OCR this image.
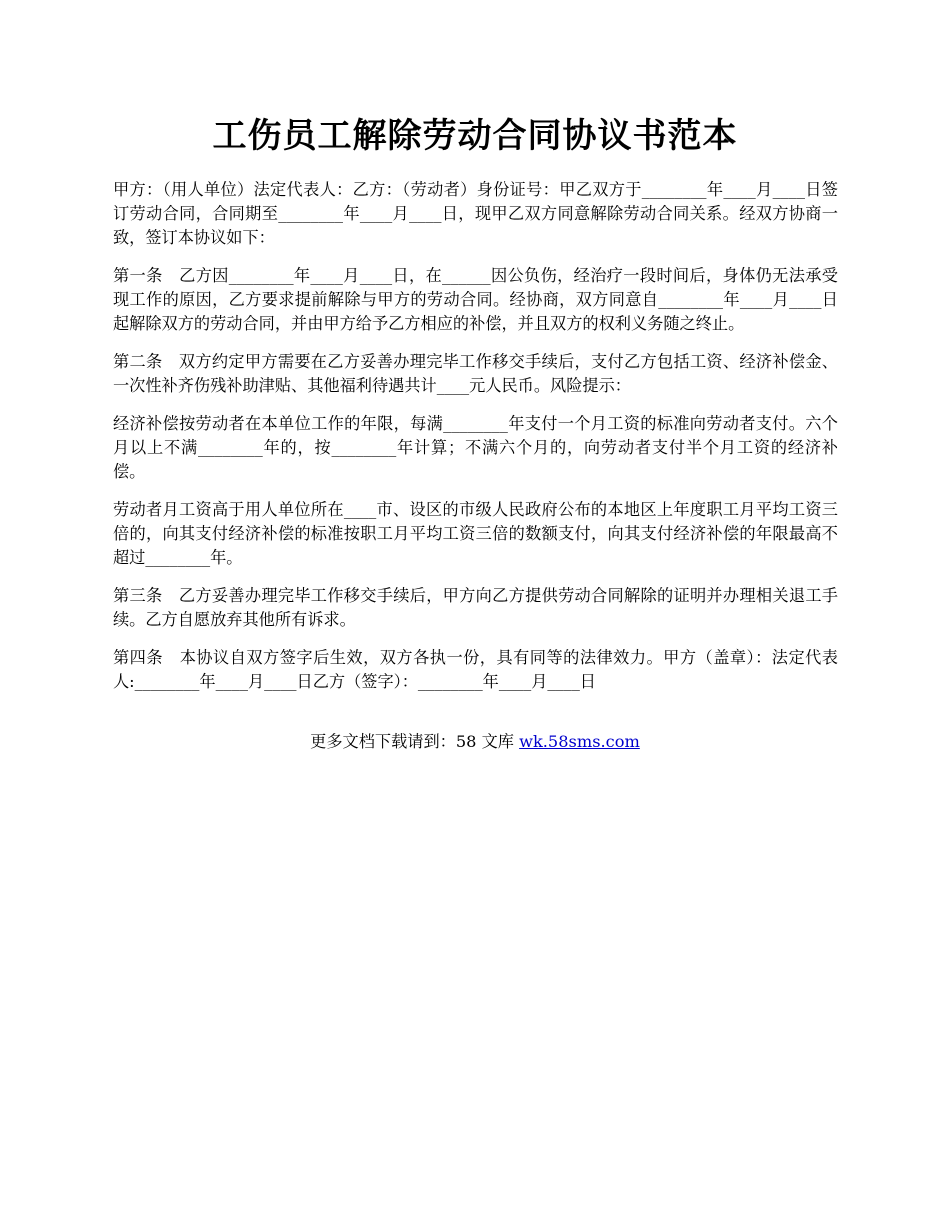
工伤员工解除劳动合同协议书范本

甲方：（用人单位）法定代表人：乙方：（劳动者）身份证号：甲乙双方于________年____月____日签订劳动合同，合同期至________年____月____日，现甲乙双方同意解除劳动合同关系。经双方协商一致，签订本协议如下：

第一条　乙方因________年____月____日，在______因公负伤，经治疗一段时间后，身体仍无法承受现工作的原因，乙方要求提前解除与甲方的劳动合同。经协商，双方同意自________年____月____日起解除双方的劳动合同，并由甲方给予乙方相应的补偿，并且双方的权利义务随之终止。

第二条　双方约定甲方需要在乙方妥善办理完毕工作移交手续后，支付乙方包括工资、经济补偿金、一次性补齐伤残补助津贴、其他福利待遇共计____元人民币。风险提示：

经济补偿按劳动者在本单位工作的年限，每满________年支付一个月工资的标准向劳动者支付。六个月以上不满________年的，按________年计算；不满六个月的，向劳动者支付半个月工资的经济补偿。

劳动者月工资高于用人单位所在____市、设区的市级人民政府公布的本地区上年度职工月平均工资三倍的，向其支付经济补偿的标准按职工月平均工资三倍的数额支付，向其支付经济补偿的年限最高不超过________年。

第三条　乙方妥善办理完毕工作移交手续后，甲方向乙方提供劳动合同解除的证明并办理相关退工手续。乙方自愿放弃其他所有诉求。

第四条　本协议自双方签字后生效，双方各执一份，具有同等的法律效力。甲方（盖章）：法定代表人:________年____月____日乙方（签字）：________年____月____日

更多文档下载请到：58 文库 wk.58sms.com
